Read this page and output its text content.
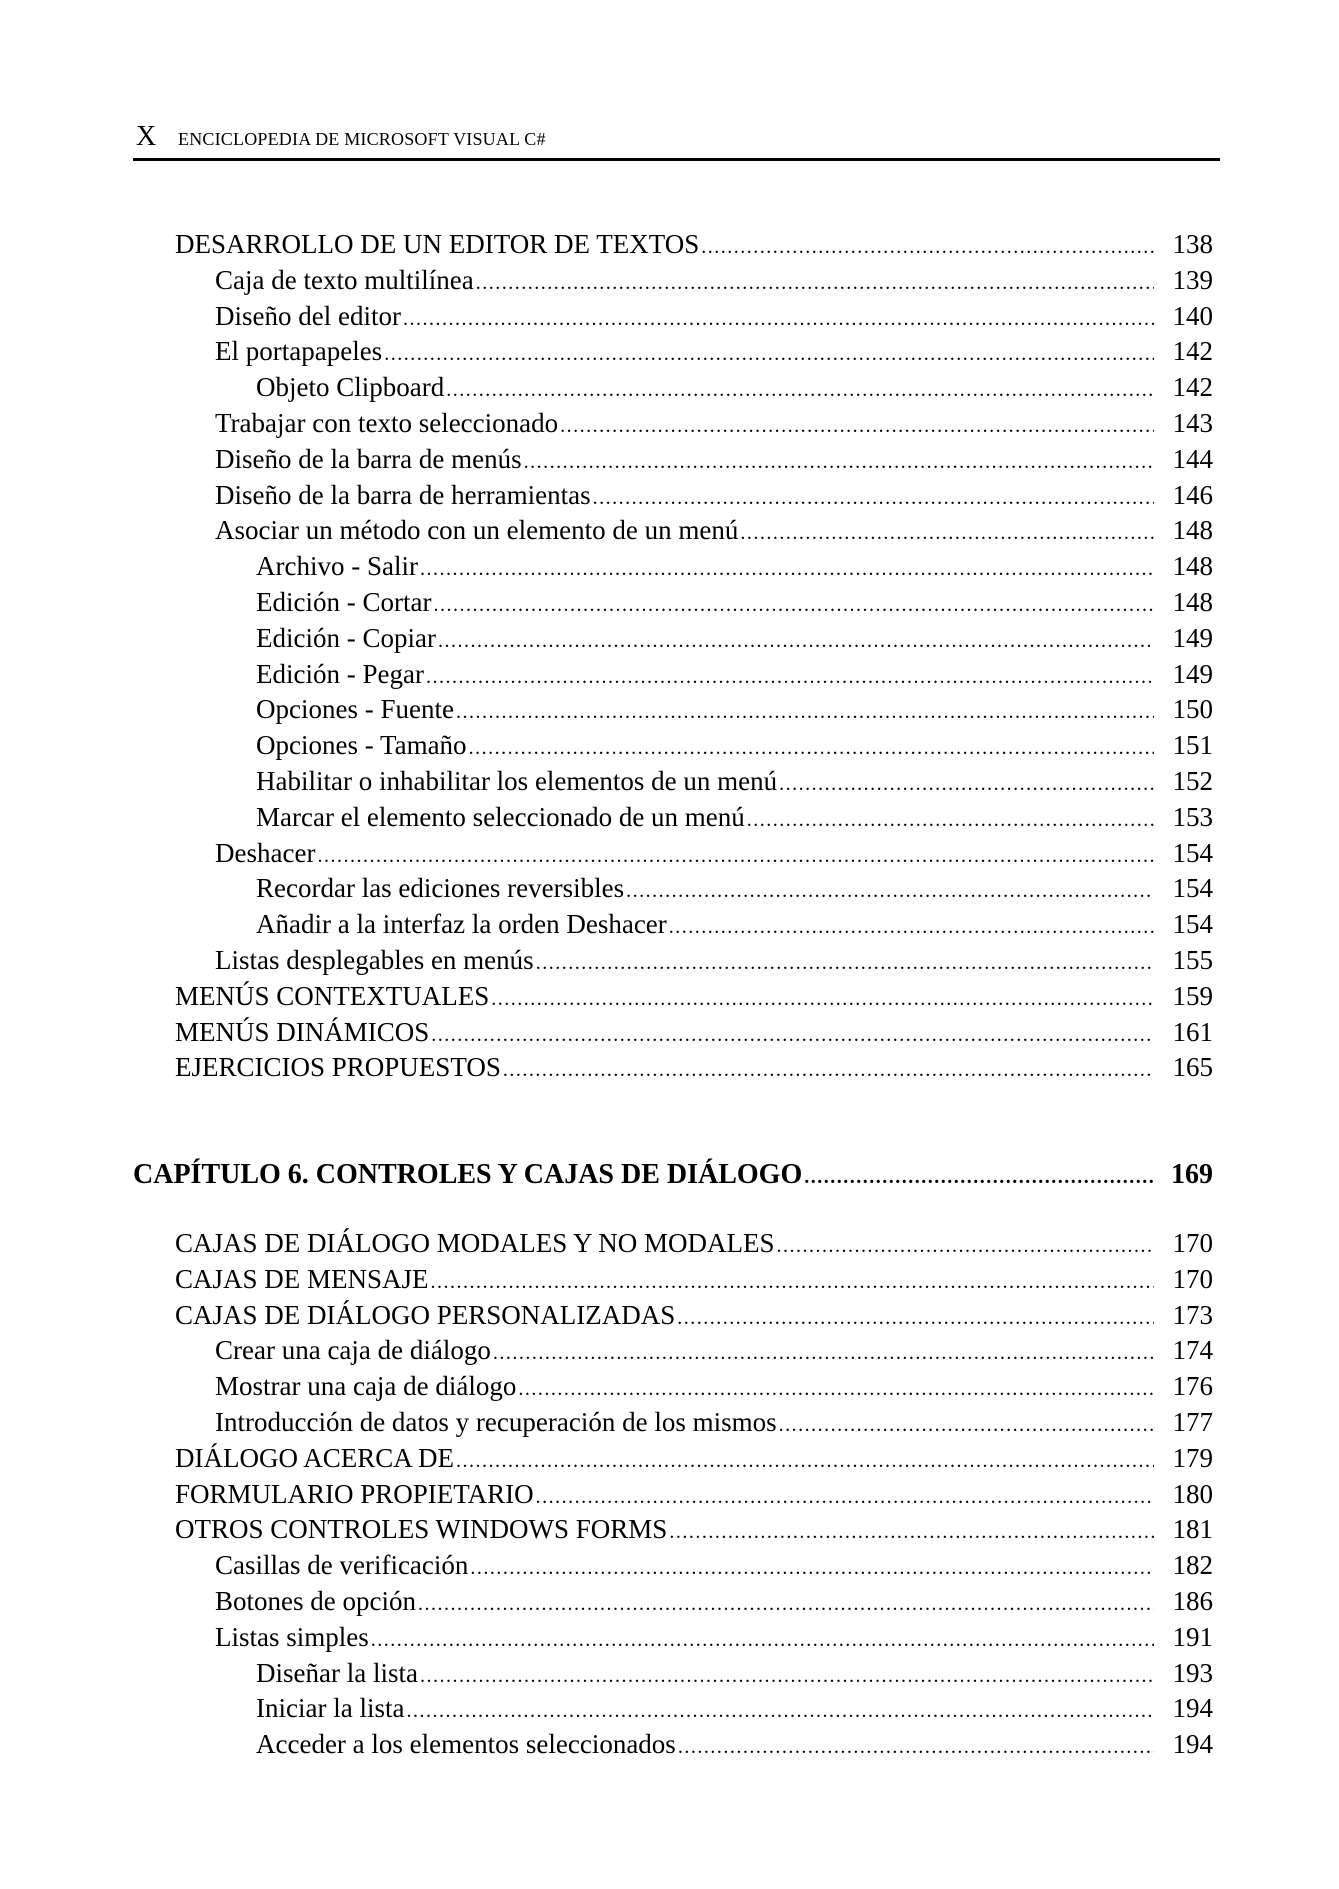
X ENCICLOPEDIA DE MICROSOFT VISUAL C#
DESARROLLO DE UN EDITOR DE TEXTOS .....	138
Caja de texto multilínea .....	139
Diseño del editor .....	140
El portapapeles .....	142
Objeto Clipboard .....	142
Trabajar con texto seleccionado .....	143
Diseño de la barra de menús .....	144
Diseño de la barra de herramientas .....	146
Asociar un método con un elemento de un menú .....	148
Archivo - Salir .....	148
Edición - Cortar .....	148
Edición - Copiar .....	149
Edición - Pegar .....	149
Opciones - Fuente .....	150
Opciones - Tamaño .....	151
Habilitar o inhabilitar los elementos de un menú .....	152
Marcar el elemento seleccionado de un menú .....	153
Deshacer .....	154
Recordar las ediciones reversibles .....	154
Añadir a la interfaz la orden Deshacer .....	154
Listas desplegables en menús .....	155
MENÚS CONTEXTUALES .....	159
MENÚS DINÁMICOS .....	161
EJERCICIOS PROPUESTOS .....	165
CAPÍTULO 6. CONTROLES Y CAJAS DE DIÁLOGO .....	169
CAJAS DE DIÁLOGO MODALES Y NO MODALES .....	170
CAJAS DE MENSAJE .....	170
CAJAS DE DIÁLOGO PERSONALIZADAS .....	173
Crear una caja de diálogo .....	174
Mostrar una caja de diálogo .....	176
Introducción de datos y recuperación de los mismos .....	177
DIÁLOGO ACERCA DE .....	179
FORMULARIO PROPIETARIO .....	180
OTROS CONTROLES WINDOWS FORMS .....	181
Casillas de verificación .....	182
Botones de opción .....	186
Listas simples .....	191
Diseñar la lista .....	193
Iniciar la lista .....	194
Acceder a los elementos seleccionados .....	194
